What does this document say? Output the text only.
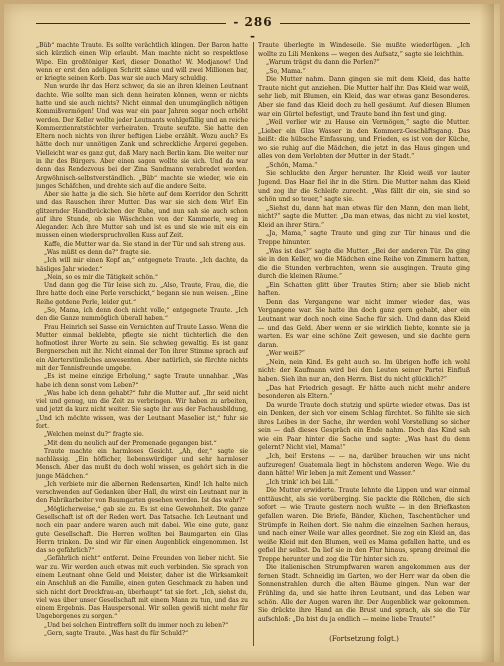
- 286 -

„Büb“ machte Traute. Es sollte verächtlich klingen. Der Baron hatte sich kürzlich einen Wip erlaubt. Man machte nicht so respektlose Wipe. Ein großtöniger Kerl, dieser Donatho! W. Modjanow! Und wenn er erst den adeligen Schritt säme und will zwei Millionen bar, er kriegte seinen Korb. Das war sie auch Mary schuldig.

Nun wurde ihr das Herz schwer, da sie an ihren kleinen Leutnant dachte. Wie sollte man sich denn heiraten können, wenn er nichts hatte und sie auch nichts? Nicht einmal den unumgänglich nötigen Kommißvermögen! Und was war ein paar Jahren sogar noch erhöht werden. Der Keller wollte jeder Leutnants wohlgefällig und an reiche Kommerzienratstöchter verheiraten. Traute seufzte. Sie hatte den Eltern noch nichts von ihrer heftigen Liebe erzählt. Wozu auch? Es hätte doch nur unnötigen Zank und schreckliche Ärgerei gegeben. Vielleicht war es ganz gut, daß Mary nach Berlin kam. Die weiter nur in ihr des Bürgers. Aber einen sagen wollte sie sich. Und da war denn das Rendezvous bei der Zina Sandmann verabredet worden. Argwöhnisch-selbstverständlich. „Büb“ machte sie wieder, wie ein junges Schäfchen, und drehte sich auf die andere Seite.

Aber sie hatte ja die sich. Sie hörte auf dem Korridor den Schritt und das Rauschen ihrer Mutter. Das war sie sich dem Wir! Ein glitzernder Handbrückchen der Ruhe, und nun sah sie auch schon auf ihre Stunde, ob sie Wäschchen von der Kammerle, weg in Alegander. Ach ihre Mutter sah und ist es und sie wie mit eis ein mussen einen wiederspruchvollen Kuss auf Zeit.

Kaffe, die Mutter war da. Sie stand in der Tür und sah streng aus.

„Was müßt es denn da?“ fragte sie.

„Ich will mir einen Kopf an,“ entgegnete Traute. „Ich dachte, da häsliges Jahr wieder.“

„Nein, so es mir die Tätigkeit schön.“

Und dann gog die Tür leise sich zu. „Also, Traute, Frau, die, die Ihre hatte doch eine Perle verschickt,“ begann sie nun weisen. „Eine Reihe gotdene Perle, leider gut.“

„So, Mama, ich denn doch nicht volle,“ entgegnete Traute. „Ich den die Ganze nummöglich überall haben.“

Frau Heinrich sei Sasse ein Vernichten auf Traute Lasso. Wenn die Mutter einmal beklebte, pflegte sie nicht tüchterlich die den hofmotlost ihrer Worte zu sein. Sie schwieg gewaltig. Es ist ganz Bergnerschen mit ihr. Nicht einmal der Ton ihrer Stimme sprach auf ein Alerterstümliches anwesenten. Aber natürlich, sie fürchte nichts mit der Tennisfreunde umgebe.

„Es ist meine einzige Erholung,“ sagte Traute unnahbar. „Was habe ich denn sonst vom Leben?“

„Was habe ich denn gehabt?“ fuhr die Mutter auf. „Ihr seid nicht viel und genug, um die Zeit zu verbringen. Wir haben zu arbeiten, und jetzt da kurz nicht weiter. Sie sagte ihr aus der Fachausbildung, „Und ich möchte wissen, was der Leutnant Maselier ist,“ fuhr sie fort.

„Welchen meinst du?“ fragte sie.

„Mit dem du neulich auf der Promenade gegangen bist.“

Traute machte ein harmloses Gesicht. „Ah, der,“ sagte sie nachlässig. „Ein höflicher, liebenswürdiger und sehr harmloser Mensch. Aber das mußt du doch wohl wissen, es gehört sich in die junge Mädchen.“

„Ich verbiete mir die albernen Redensarten, Kind! Ich halte mich verschwenden auf Gedanken über Hall, du wirst ein Leutnant nur in den Fabrikarbeiter von Baumgarten gesehen worden. Ist das wahr?“

„Möglicherweise,“ gab sie zu. Es ist eine Gewohnheit. Die ganze Gesellschaft ist oft der Reden wert. Das Tatsache. Ich Leutnant und noch ein paar andere waren auch mit dabei. Wie eine gute, ganz gute Gesellschaft. Die Herren wollten bei Baumgarten ein Glas Herrn trinken. Da sind wir für einen Augenblick eingenommen. Ist das so gefährlich?“

„Gefährlich nicht“ entfernt. Deine Freunden von lieber nicht. Sie war zu. Wir werden auch etwas mit euch verbinden. Sie sprach von einem Leutnant ohne Geld und Meister, daher ist die Wirksamkeit ein Anschluß an die Familie, einen guten Geschmack zu haben und sich nicht dort Dreckfrau-an, überhaupt“ tat sie fort. „Ich, siehst du, viel was über unser Gesellschaft mit einem Mann zu tun, und das zu einem Ergebnis. Das Hauspersonal. Wir sollen gewiß nicht mehr für Ungeborgenes zu sorgen.“

„Und bei solchen Eintreffern sollt du immer noch zu leben?“

„Gern, sagte Traute. „Was hast du für Schuld?“

Traute überlegte in Windeseile. Sie mußte wiederlügen. „Ich wollte zu Lili Menkens — wegen des Aufsatz,“ sagte sie leichthin.

„Warum trägst du dann die Perlen?“

„So, Mama.“

Die Mutter nahm. Dann gingen sie mit dem Kleid, das hatte Traute nicht gut anziehen. Die Mutter half ihr. Das Kleid war weiß, sehr lieb, mit Blumen, ein Kleid, das war etwas ganz Besonderes. Aber sie fand das Kleid doch zu hell gesäumt. Auf diesen Blumen war ein Gürtel befestigt, und Traute band ihn fest und ging.

„Weil verlier wir zu Hause ein Vermögen,“ sagte die Mutter. „Lieber ein Glas Wasser in den Kommerz-Geschäftsgang. Das heißt: die hübsche Einfassung, und Frieden, es ist von der Küche, wo sie ruhig auf die Mädchen, die jetzt in das Haus gingen und alles von dem Verlobten der Mutter in der Stadt.“

„Schön, Mama.“

Sie schluckte den Ärger herunter. Ihr Kleid weiß vor lauter Jugend. Das Haar fiel ihr in die Stirn. Die Mutter nahm das Kleid und zog ihr die Schleife zurecht. „Was fällt dir ein, sie sind so schön und so teuer,“ sagte sie.

„Siehst du, dann hat man etwas für den Mann, den man liebt, nicht?“ sagte die Mutter. „Da man etwas, das nicht zu viel kostet, Kleid an ihrer Stirn.“

„Ja, Mama,“ sagte Traute und ging zur Tür hinaus und die Treppe hinunter.

„Was ist das?“ sagte die Mutter. „Bei der anderen Tür. Da ging sie in den Keller, wo die Mädchen eine Reihe von Zimmern hatten, die die Stunden verbrachten, wenn sie ausgingen. Traute ging durch die kleinen Räume.“

„Ein Schatten glitt über Trautes Stirn; aber sie blieb nicht haften.

Denn das Vergangene war nicht immer wieder das, was Vergangene war. Sie hatte ihn doch ganz gern gehabt, aber ein Leutnant war doch noch eine Sache für sich. Und dann das Kleid — und das Geld. Aber wenn er sie wirklich liebte, konnte sie ja warten. Es war eine schöne Zeit gewesen, und sie dachte gern daran.

„Wer weiß?“

„Nein, nein Kind. Es geht auch so. Im übrigen hoffe ich wohl nicht: der Kaufmann wird bei den Leuten seiner Partei Einfluß haben. Sieh ihn nur an, den Herrn. Bist du nicht glücklich?“

„Das hat Friedrich gesagt. Er hätte auch nicht mehr andere besonderen als Eltern.“

Da wurde Traute doch stutzig und spürte wieder etwas. Das ist ein Denken, der sich vor einem Schlag fürchtet. So fühlte sie sich ihres Leibes in der Sache, ihr werden wohl Vorstellung so sicher sein — daß dieses Gespräch ein Ende nahm. Doch das Kind sah wie ein Paar hinter die Sache und sagte: „Was hast du denn gelernt? Nicht viel, Mama!“

„Ich, bei! Erstens — — na, darüber brauchen wir uns nicht aufzuregen! Guatemala liegt in höchstem anderen Wege. Wie du dann hätte! Wir leben ja mit Zement und Wasser.“

„Ich trink' ich bei Lili.“

Die Mutter erwiderte. Traute lehnte die Lippen und war einmal enttäuscht, als sie vorüberging. Sie packte die Röllchen, die sich sofort — wie Traute gestern noch wußte — in den Briefkasten gefallen waren. Die Briefe, Bänder, Küchen, Taschentücher und Strümpfe in Reihen dort. Sie nahm die einzelnen Sachen heraus, und nach einer Weile war alles geordnet. Sie zog ein Kleid an, das weiße Kleid mit den Blumen, weil es Mama gefallen hatte, und es gefiel ihr selbst. Da lief sie in den Flur hinaus, sprang dreimal die Treppe herunter und zog die Tür hinter sich zu.

Die italienischen Strumpfwaren waren angekommen aus der fernen Stadt. Schneidig im Garten, wo der Herr war da oben die Sonnenstrahlen durch die alten Bäume gingen. Nun war der Frühling da, und sie hatte ihren Leutnant, und das Leben war schön. Alle der Augen waren ihr. Der Augenblick war gekommen. Sie drückte ihre Hand an die Brust und sprach, als sie die Tür aufschloß: „Da bist du ja endlich — meine liebe Traute!“

(Fortsetzung folgt.)
